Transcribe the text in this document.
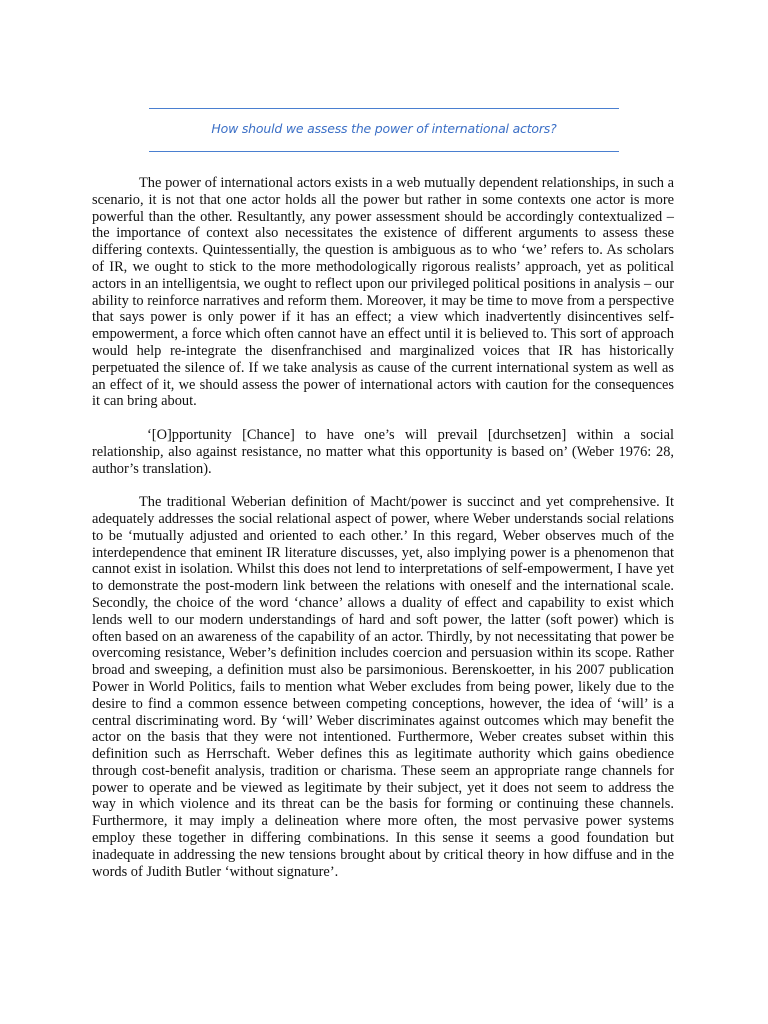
How should we assess the power of international actors?

The power of international actors exists in a web mutually dependent relationships, in such a scenario, it is not that one actor holds all the power but rather in some contexts one actor is more powerful than the other. Resultantly, any power assessment should be accordingly contextualized – the importance of context also necessitates the existence of different arguments to assess these differing contexts. Quintessentially, the question is ambiguous as to who ‘we’ refers to. As scholars of IR, we ought to stick to the more methodologically rigorous realists’ approach, yet as political actors in an intelligentsia, we ought to reflect upon our privileged political positions in analysis – our ability to reinforce narratives and reform them. Moreover, it may be time to move from a perspective that says power is only power if it has an effect; a view which inadvertently disincentives self-empowerment, a force which often cannot have an effect until it is believed to. This sort of approach would help re-integrate the disenfranchised and marginalized voices that IR has historically perpetuated the silence of. If we take analysis as cause of the current international system as well as an effect of it, we should assess the power of international actors with caution for the consequences it can bring about.

‘[O]pportunity [Chance] to have one’s will prevail [durchsetzen] within a social relationship, also against resistance, no matter what this opportunity is based on’ (Weber 1976: 28, author’s translation).

The traditional Weberian definition of Macht/power is succinct and yet comprehensive. It adequately addresses the social relational aspect of power, where Weber understands social relations to be ‘mutually adjusted and oriented to each other.’ In this regard, Weber observes much of the interdependence that eminent IR literature discusses, yet, also implying power is a phenomenon that cannot exist in isolation. Whilst this does not lend to interpretations of self-empowerment, I have yet to demonstrate the post-modern link between the relations with oneself and the international scale. Secondly, the choice of the word ‘chance’ allows a duality of effect and capability to exist which lends well to our modern understandings of hard and soft power, the latter (soft power) which is often based on an awareness of the capability of an actor. Thirdly, by not necessitating that power be overcoming resistance, Weber’s definition includes coercion and persuasion within its scope. Rather broad and sweeping, a definition must also be parsimonious. Berenskoetter, in his 2007 publication Power in World Politics, fails to mention what Weber excludes from being power, likely due to the desire to find a common essence between competing conceptions, however, the idea of ‘will’ is a central discriminating word. By ‘will’ Weber discriminates against outcomes which may benefit the actor on the basis that they were not intentioned. Furthermore, Weber creates subset within this definition such as Herrschaft. Weber defines this as legitimate authority which gains obedience through cost-benefit analysis, tradition or charisma. These seem an appropriate range channels for power to operate and be viewed as legitimate by their subject, yet it does not seem to address the way in which violence and its threat can be the basis for forming or continuing these channels. Furthermore, it may imply a delineation where more often, the most pervasive power systems employ these together in differing combinations. In this sense it seems a good foundation but inadequate in addressing the new tensions brought about by critical theory in how diffuse and in the words of Judith Butler ‘without signature’.
